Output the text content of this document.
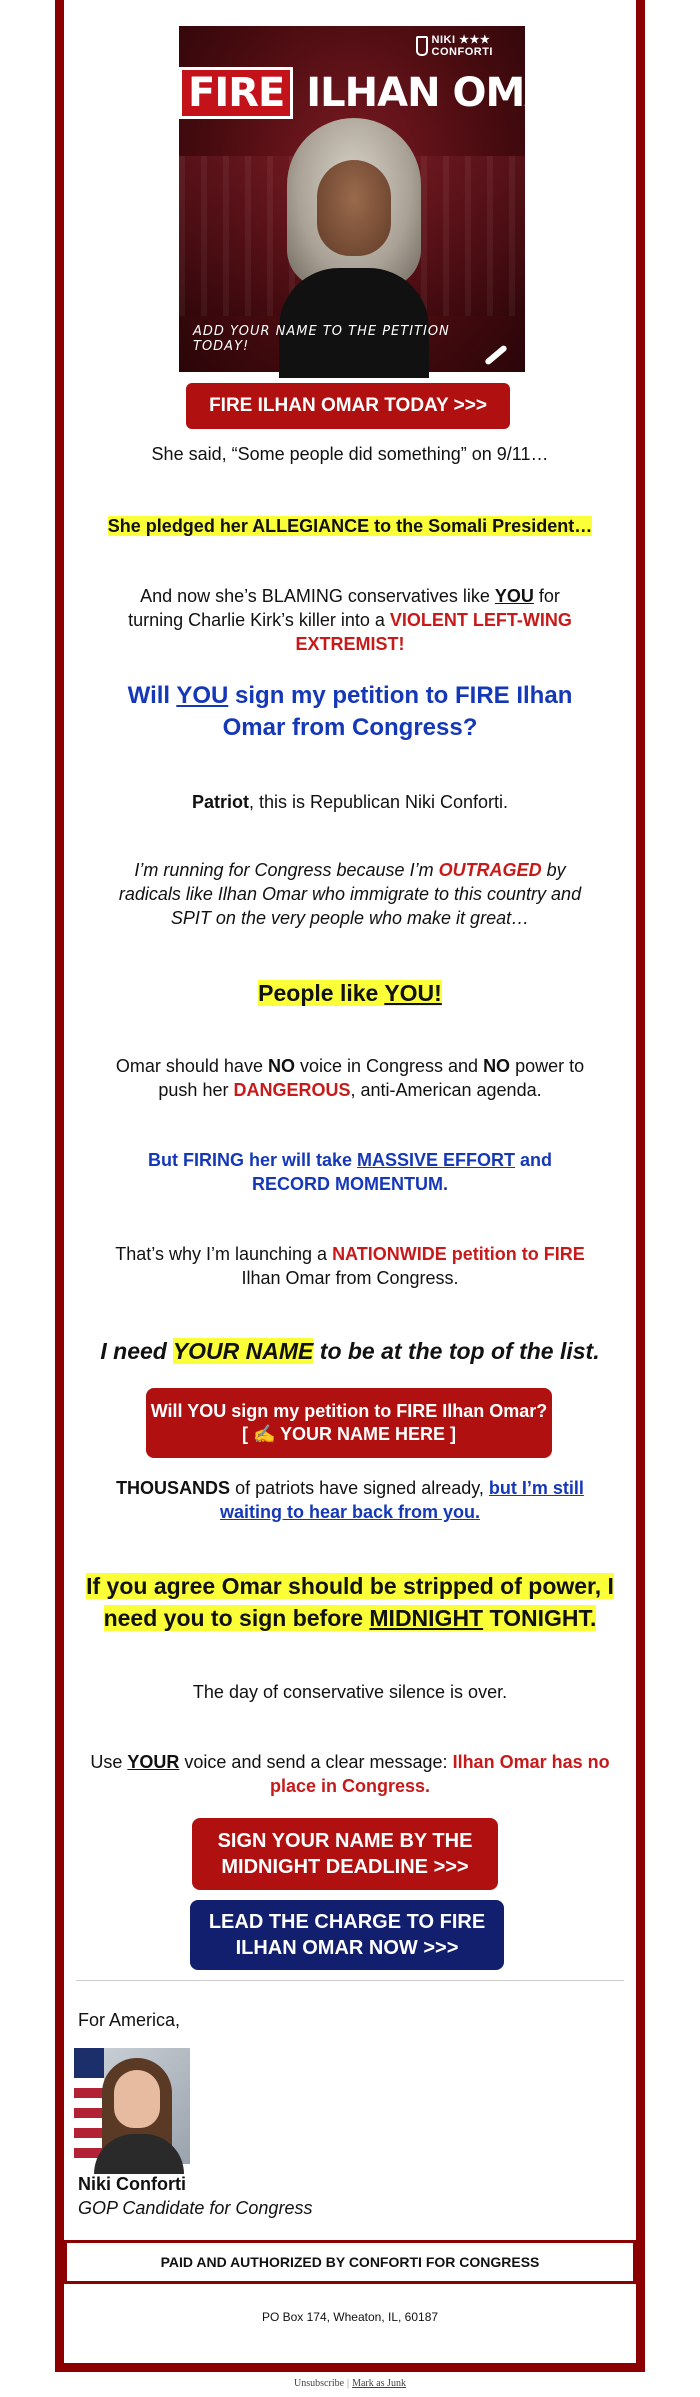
NIKI ★★★
CONFORTI
FIRE ILHAN OMAR!
ADD YOUR NAME TO THE PETITION TODAY!
FIRE ILHAN OMAR TODAY >>>
She said, “Some people did something” on 9/11…
She pledged her ALLEGIANCE to the Somali President…
And now she’s BLAMING conservatives like YOU for turning Charlie Kirk’s killer into a VIOLENT LEFT-WING EXTREMIST!
Will YOU sign my petition to FIRE Ilhan Omar from Congress?
Patriot, this is Republican Niki Conforti.
I’m running for Congress because I’m OUTRAGED by radicals like Ilhan Omar who immigrate to this country and SPIT on the very people who make it great…
People like YOU!
Omar should have NO voice in Congress and NO power to push her DANGEROUS, anti-American agenda.
But FIRING her will take MASSIVE EFFORT and RECORD MOMENTUM.
That’s why I’m launching a NATIONWIDE petition to FIRE Ilhan Omar from Congress.
I need YOUR NAME to be at the top of the list.
Will YOU sign my petition to FIRE Ilhan Omar?
[ ✍️ YOUR NAME HERE ]
THOUSANDS of patriots have signed already, but I’m still waiting to hear back from you.
If you agree Omar should be stripped of power, I need you to sign before MIDNIGHT TONIGHT.
The day of conservative silence is over.
Use YOUR voice and send a clear message: Ilhan Omar has no place in Congress.
SIGN YOUR NAME BY THE
MIDNIGHT DEADLINE >>>
LEAD THE CHARGE TO FIRE
ILHAN OMAR NOW >>>
For America,
Niki Conforti
GOP Candidate for Congress
PAID AND AUTHORIZED BY CONFORTI FOR CONGRESS
PO Box 174, Wheaton, IL, 60187
Unsubscribe | Mark as Junk
